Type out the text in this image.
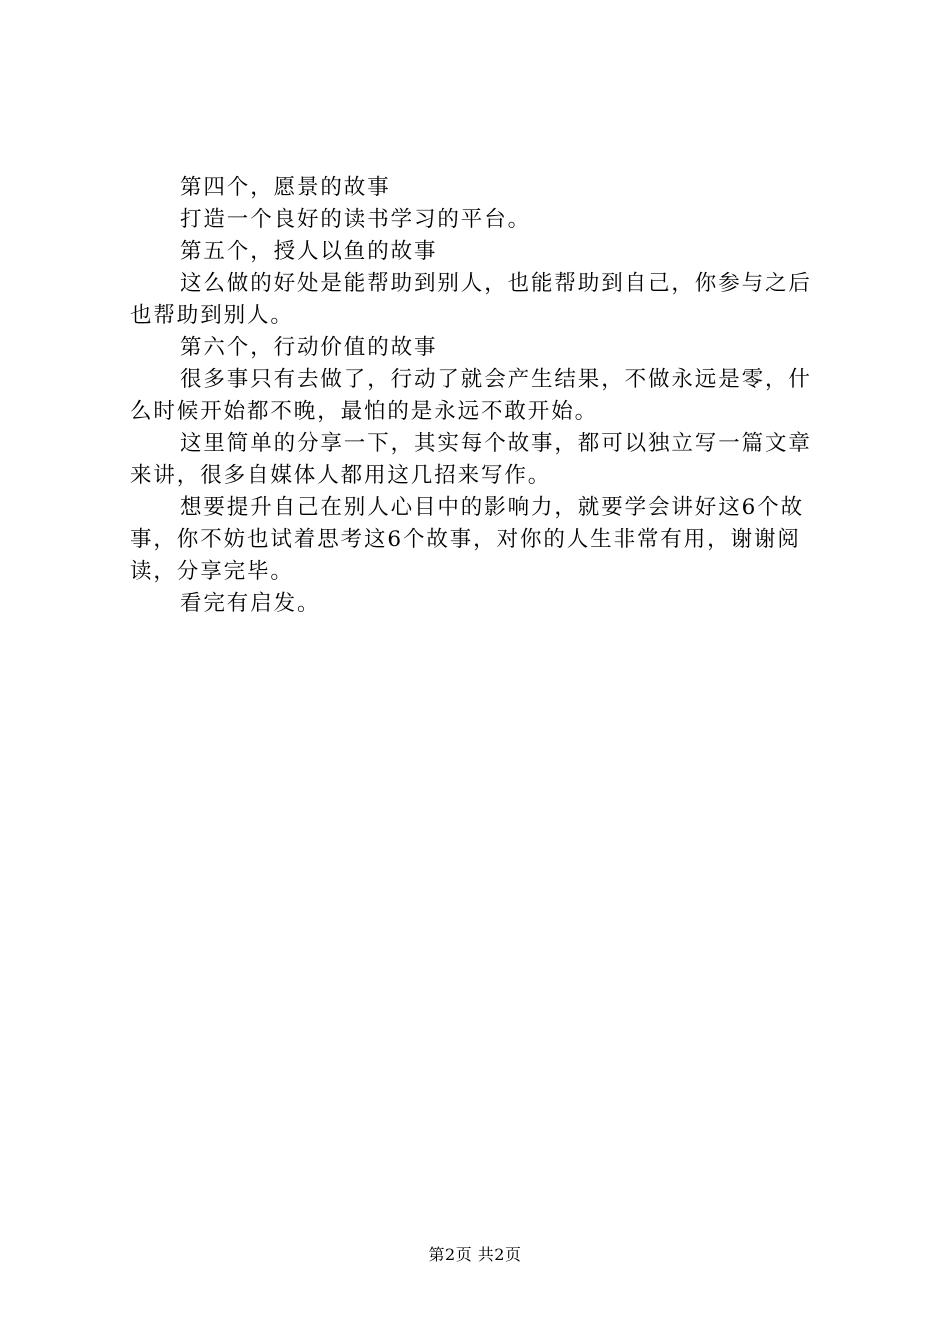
第四个，愿景的故事

打造一个良好的读书学习的平台。

第五个，授人以鱼的故事

这么做的好处是能帮助到别人，也能帮助到自己，你参与之后也帮助到别人。

第六个，行动价值的故事

很多事只有去做了，行动了就会产生结果，不做永远是零，什么时候开始都不晚，最怕的是永远不敢开始。

这里简单的分享一下，其实每个故事，都可以独立写一篇文章来讲，很多自媒体人都用这几招来写作。

想要提升自己在别人心目中的影响力，就要学会讲好这6个故事，你不妨也试着思考这6个故事，对你的人生非常有用，谢谢阅读，分享完毕。

看完有启发。

第2页 共2页
